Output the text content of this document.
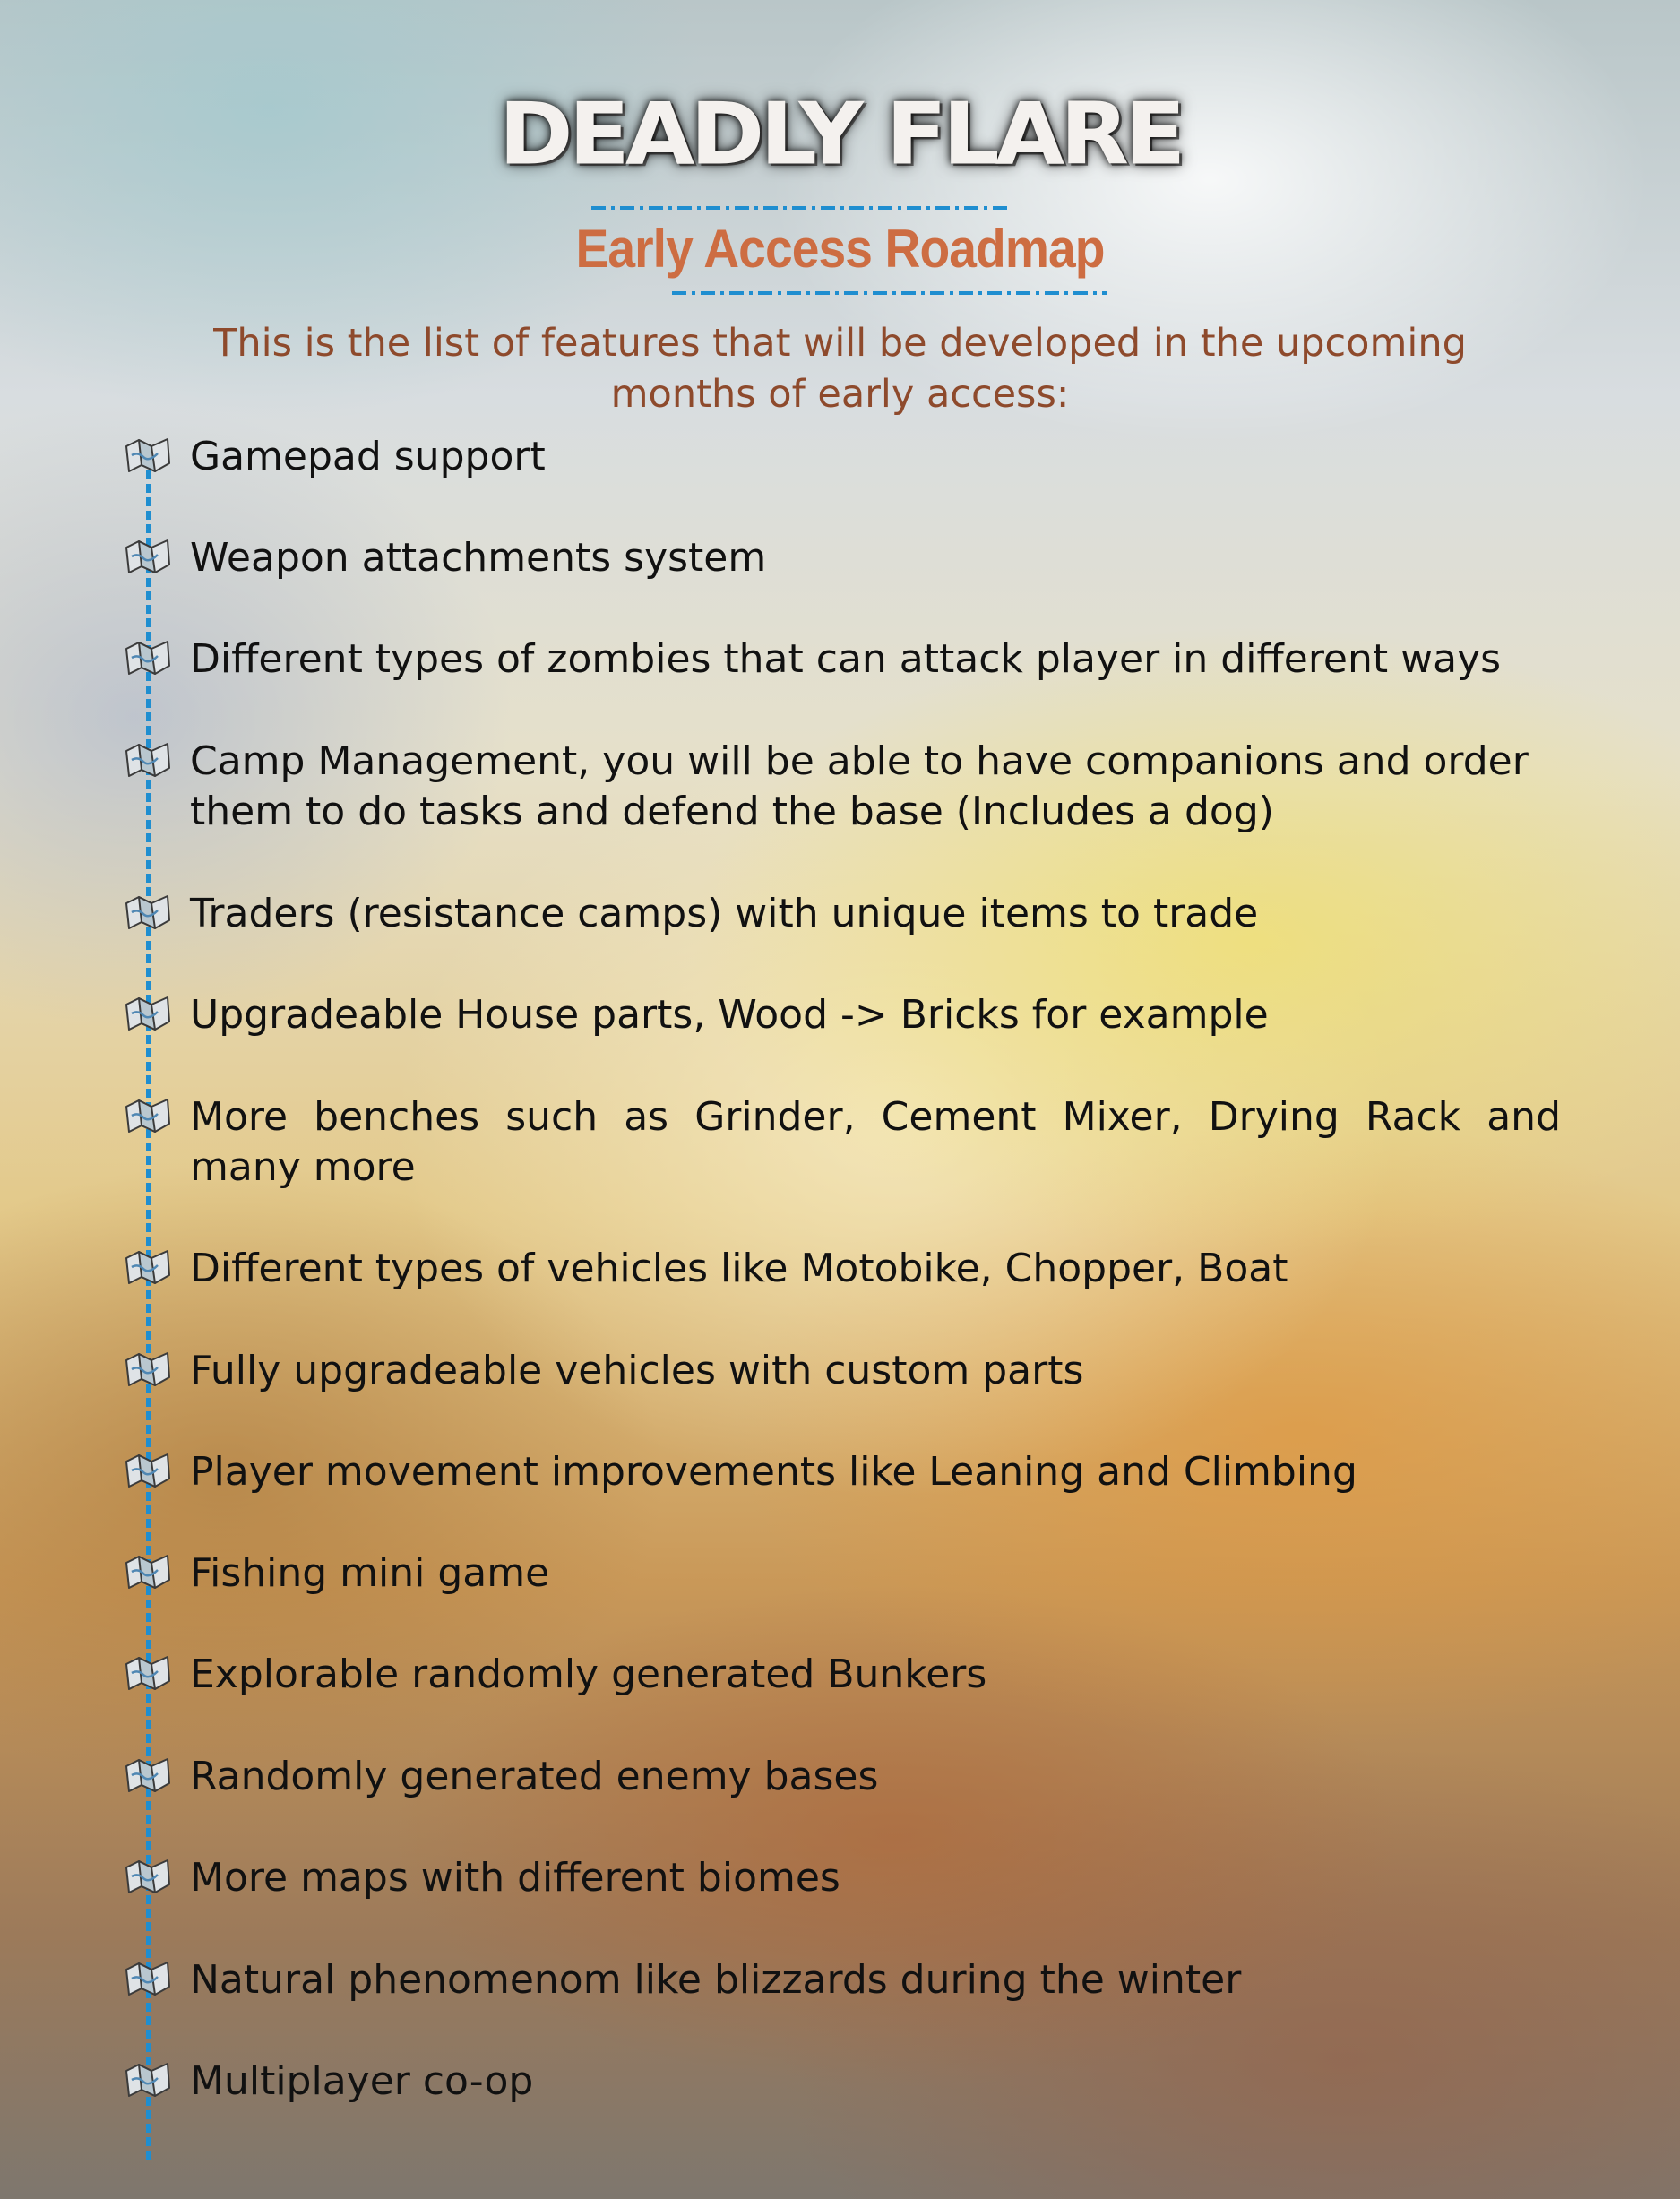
DEADLY FLARE
Early Access Roadmap
This is the list of features that will be developed in the upcoming months of early access:
Gamepad support
Weapon attachments system
Different types of zombies that can attack player in different ways
Camp Management, you will be able to have companions and order them to do tasks and defend the base (Includes a dog)
Traders (resistance camps) with unique items to trade
Upgradeable House parts, Wood -> Bricks for example
More benches such as Grinder, Cement Mixer, Drying Rack and many more
Different types of vehicles like Motobike, Chopper, Boat
Fully upgradeable vehicles with custom parts
Player movement improvements like Leaning and Climbing
Fishing mini game
Explorable randomly generated Bunkers
Randomly generated enemy bases
More maps with different biomes
Natural phenomenom like blizzards during the winter
Multiplayer co-op
